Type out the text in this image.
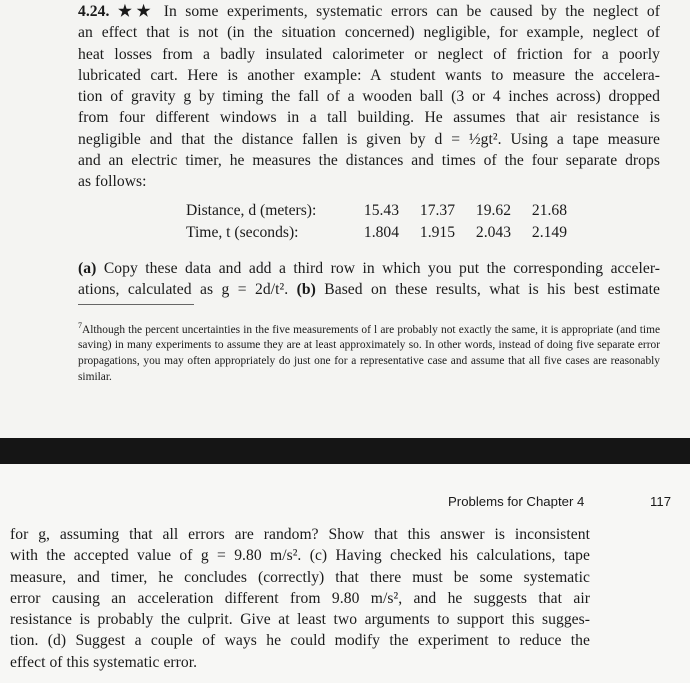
4.24. ★★ In some experiments, systematic errors can be caused by the neglect of
an effect that is not (in the situation concerned) negligible, for example, neglect of
heat losses from a badly insulated calorimeter or neglect of friction for a poorly
lubricated cart. Here is another example: A student wants to measure the accelera-
tion of gravity g by timing the fall of a wooden ball (3 or 4 inches across) dropped
from four different windows in a tall building. He assumes that air resistance is
negligible and that the distance fallen is given by d = ½gt². Using a tape measure
and an electric timer, he measures the distances and times of the four separate drops
as follows:
Distance, d (meters):	15.43 17.37 19.62 21.68
Time, t (seconds):	1.804 1.915 2.043 2.149
(a) Copy these data and add a third row in which you put the corresponding acceler-
ations, calculated as g = 2d/t². (b) Based on these results, what is his best estimate
$^7$Although the percent uncertainties in the five measurements of l are probably not exactly the same, it is appropriate (and time saving) in many experiments to assume they are at least approximately so. In other words, instead of doing five separate error propagations, you may often appropriately do just one for a representative case and assume that all five cases are reasonably similar.
Problems for Chapter 4	117
for g, assuming that all errors are random? Show that this answer is inconsistent
with the accepted value of g = 9.80 m/s². (c) Having checked his calculations, tape
measure, and timer, he concludes (correctly) that there must be some systematic
error causing an acceleration different from 9.80 m/s², and he suggests that air
resistance is probably the culprit. Give at least two arguments to support this sugges-
tion. (d) Suggest a couple of ways he could modify the experiment to reduce the
effect of this systematic error.
